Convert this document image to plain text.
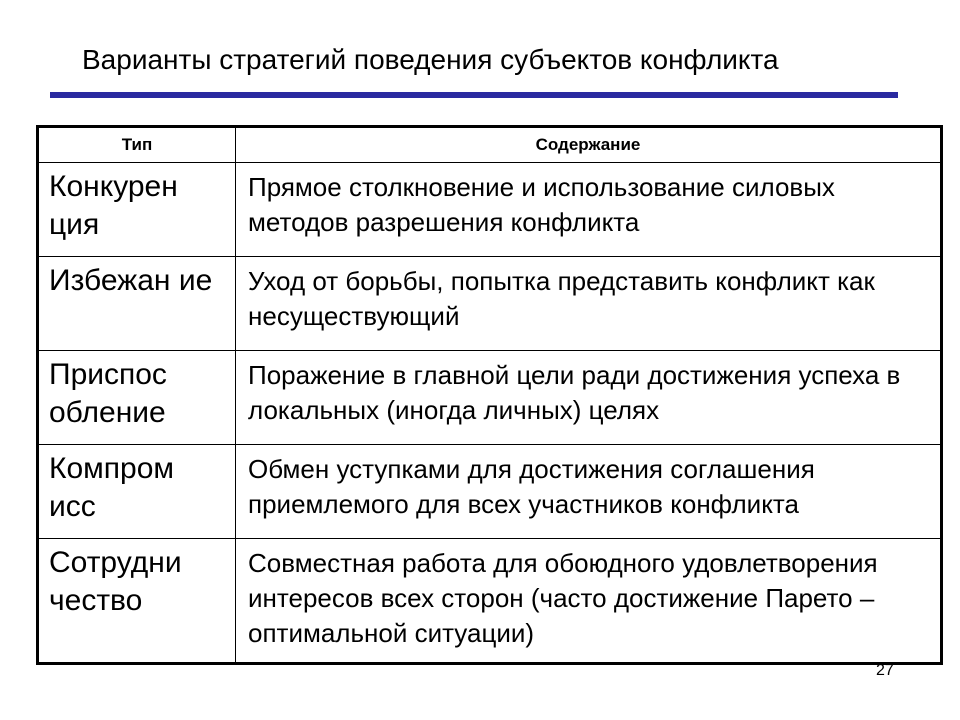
Варианты стратегий поведения субъектов конфликта
Тип	Содержание
Конкурен ция	Прямое столкновение и использование силовых методов разрешения конфликта
Избежан ие	Уход от борьбы, попытка представить конфликт как несуществующий
Приспос обление	Поражение в главной цели ради достижения успеха в локальных (иногда личных) целях
Компром исс	Обмен уступками для достижения соглашения приемлемого для всех участников конфликта
Сотрудни чество	Совместная работа для обоюдного удовлетворения интересов всех сторон (часто достижение Парето – оптимальной ситуации)
27
